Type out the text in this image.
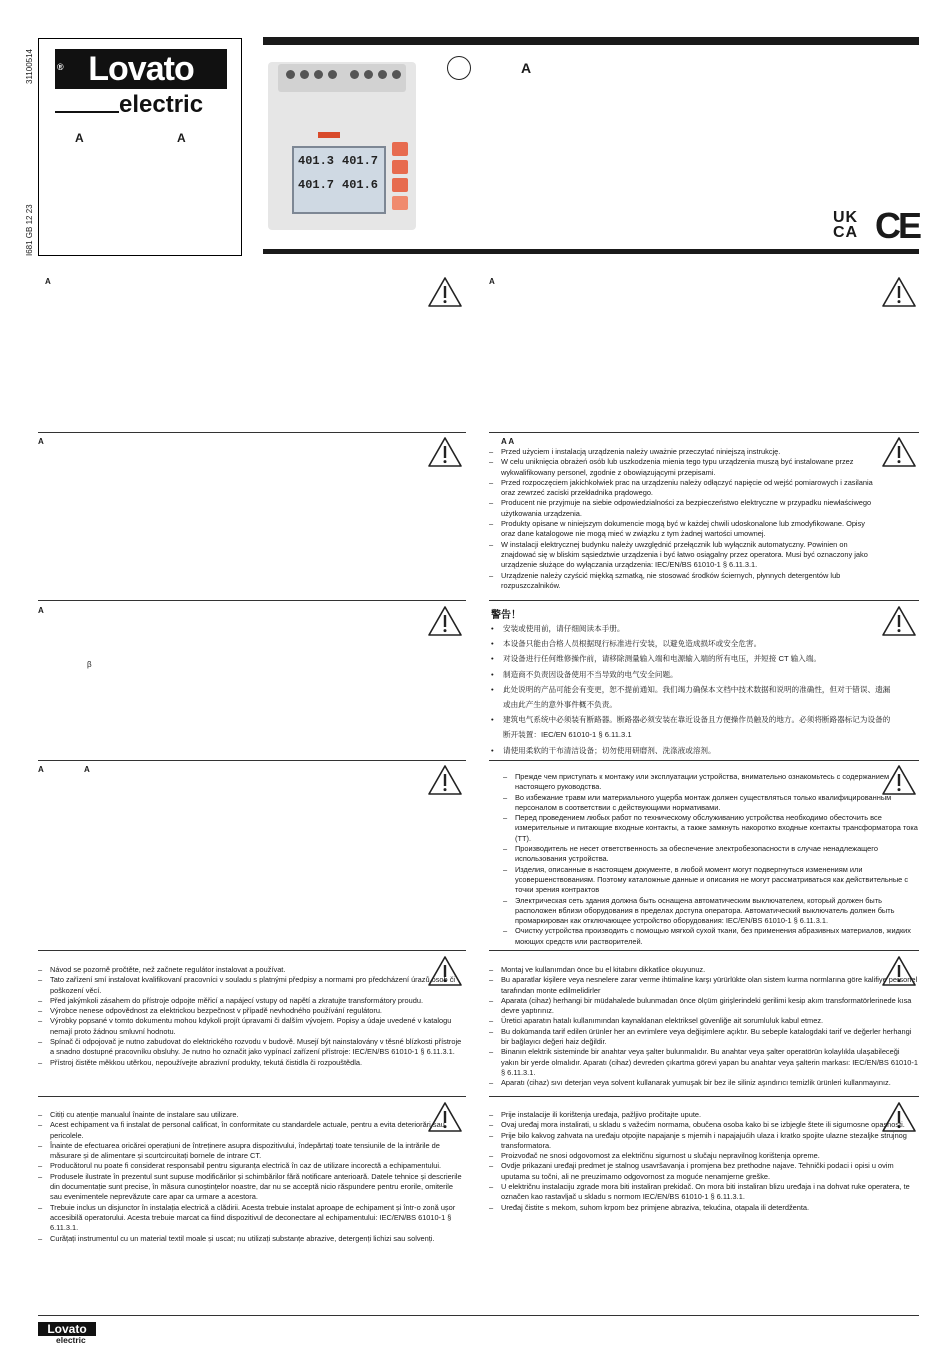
31100514
I681 GB 12 23
® Lovato
electric
A	A
401.3 401.7
401.7 401.6
A
UK
CA CE
A	A
A	A A
– Przed użyciem i instalacją urządzenia należy uważnie przeczytać niniejszą instrukcję.
– W celu uniknięcia obrażeń osób lub uszkodzenia mienia tego typu urządzenia muszą być instalowane przez wykwalifikowany personel, zgodnie z obowiązującymi przepisami.
– Przed rozpoczęciem jakichkolwiek prac na urządzeniu należy odłączyć napięcie od wejść pomiarowych i zasilania oraz zewrzeć zaciski przekładnika prądowego.
– Producent nie przyjmuje na siebie odpowiedzialności za bezpieczeństwo elektryczne w przypadku niewłaściwego użytkowania urządzenia.
– Produkty opisane w niniejszym dokumencie mogą być w każdej chwili udoskonalone lub zmodyfikowane. Opisy oraz dane katalogowe nie mogą mieć w związku z tym żadnej wartości umownej.
– W instalacji elektrycznej budynku należy uwzględnić przełącznik lub wyłącznik automatyczny. Powinien on znajdować się w bliskim sąsiedztwie urządzenia i być łatwo osiągalny przez operatora. Musi być oznaczony jako urządzenie służące do wyłączania urządzenia: IEC/EN/BS 61010-1 § 6.11.3.1.
– Urządzenie należy czyścić miękką szmatką, nie stosować środków ściernych, płynnych detergentów lub rozpuszczalników.
A
β
警告！
• 安装或使用前，请仔细阅读本手册。
• 本设备只能由合格人员根据现行标准进行安装，以避免造成损坏或安全危害。
• 对设备进行任何维修操作前，请移除测量输入端和电源输入端的所有电压，并短接 CT 输入端。
• 制造商不负责因设备使用不当导致的电气安全问题。
• 此处说明的产品可能会有变更，恕不提前通知。我们竭力确保本文档中技术数据和说明的准确性，但对于错误、遗漏或由此产生的意外事件概不负责。
• 建筑电气系统中必须装有断路器。断路器必须安装在靠近设备且方便操作员触及的地方。必须将断路器标记为设备的断开装置：IEC/EN 61010-1 § 6.11.3.1
• 请使用柔软的干布清洁设备；切勿使用研磨剂、洗涤液或溶剂。
A	A
– Прежде чем приступать к монтажу или эксплуатации устройства, внимательно ознакомьтесь с содержанием настоящего руководства.
– Во избежание травм или материального ущерба монтаж должен существляться только квалифицированным персоналом в соответствии с действующими нормативами.
– Перед проведением любых работ по техническому обслуживанию устройства необходимо обесточить все измерительные и питающие входные контакты, а также замкнуть накоротко входные контакты трансформатора тока (ТТ).
– Производитель не несет ответственность за обеспечение электробезопасности в случае ненадлежащего использования устройства.
– Изделия, описанные в настоящем документе, в любой момент могут подвергнуться изменениям или усовершенствованиям. Поэтому каталожные данные и описания не могут рассматриваться как действительные с точки зрения контрактов
– Электрическая сеть здания должна быть оснащена автоматическим выключателем, который должен быть расположен вблизи оборудования в пределах доступа оператора. Автоматический выключатель должен быть промаркирован как отключающее устройство оборудования: IEC/EN/BS 61010-1 § 6.11.3.1.
– Очистку устройства производить с помощью мягкой сухой ткани, без применения абразивных материалов, жидких моющих средств или растворителей.
– Návod se pozorně pročtěte, než začnete regulátor instalovat a používat.
– Tato zařízení smí instalovat kvalifikovaní pracovníci v souladu s platnými předpisy a normami pro předcházení úrazů osob či poškození věcí.
– Před jakýmkoli zásahem do přístroje odpojte měřicí a napájecí vstupy od napětí a zkratujte transformátory proudu.
– Výrobce nenese odpovědnost za elektrickou bezpečnost v případě nevhodného používání regulátoru.
– Výrobky popsané v tomto dokumentu mohou kdykoli projít úpravami či dalším vývojem. Popisy a údaje uvedené v katalogu nemají proto žádnou smluvní hodnotu.
– Spínač či odpojovač je nutno zabudovat do elektrického rozvodu v budově. Musejí být nainstalovány v těsné blízkosti přístroje a snadno dostupné pracovníku obsluhy. Je nutno ho označit jako vypínací zařízení přístroje: IEC/EN/BS 61010-1 § 6.11.3.1.
– Přístroj čistěte měkkou utěrkou, nepoužívejte abrazivní produkty, tekutá čistidla či rozpouštědla.
– Montaj ve kullanımdan önce bu el kitabını dikkatlice okuyunuz.
– Bu aparatlar kişilere veya nesnelere zarar verme ihtimaline karşı yürürlükte olan sistem kurma normlarına göre kalifiye personel tarafından monte edilmelidirler
– Aparata (cihaz) herhangi bir müdahalede bulunmadan önce ölçüm girişlerindeki gerilimi kesip akım transformatörlerinede kısa devre yaptırınız.
– Üretici aparatın hatalı kullanımından kaynaklanan elektriksel güvenliğe ait sorumluluk kabul etmez.
– Bu dokümanda tarif edilen ürünler her an evrimlere veya değişimlere açıktır. Bu sebeple katalogdaki tarif ve değerler herhangi bir bağlayıcı değeri haiz değildir.
– Binanın elektrik sisteminde bir anahtar veya şalter bulunmalıdır. Bu anahtar veya şalter operatörün kolaylıkla ulaşabileceği yakın bir yerde olmalıdır. Aparatı (cihaz) devreden çıkartma görevi yapan bu anahtar veya şalterin markası: IEC/EN/BS 61010-1 § 6.11.3.1.
– Aparatı (cihaz) sıvı deterjan veya solvent kullanarak yumuşak bir bez ile siliniz aşındırıcı temizlik ürünleri kullanmayınız.
– Citiți cu atenție manualul înainte de instalare sau utilizare.
– Acest echipament va fi instalat de personal calificat, în conformitate cu standardele actuale, pentru a evita deteriorări sau pericolele.
– Înainte de efectuarea oricărei operațiuni de întreținere asupra dispozitivului, îndepărtați toate tensiunile de la intrările de măsurare și de alimentare și scurtcircuitați bornele de intrare CT.
– Producătorul nu poate fi considerat responsabil pentru siguranța electrică în caz de utilizare incorectă a echipamentului.
– Produsele ilustrate în prezentul sunt supuse modificărilor și schimbărilor fără notificare anterioară. Datele tehnice și descrierile din documentație sunt precise, în măsura cunoștințelor noastre, dar nu se acceptă nicio răspundere pentru erorile, omiterile sau evenimentele neprevăzute care apar ca urmare a acestora.
– Trebuie inclus un disjunctor în instalația electrică a clădirii. Acesta trebuie instalat aproape de echipament și într-o zonă ușor accesibilă operatorului. Acesta trebuie marcat ca fiind dispozitivul de deconectare al echipamentului: IEC/EN/BS 61010-1 § 6.11.3.1.
– Curățați instrumentul cu un material textil moale și uscat; nu utilizați substanțe abrazive, detergenți lichizi sau solvenți.
– Prije instalacije ili korištenja uređaja, pažljivo pročitajte upute.
– Ovaj uređaj mora instalirati, u skladu s važećim normama, obučena osoba kako bi se izbjegle štete ili sigurnosne opasnosti.
– Prije bilo kakvog zahvata na uređaju otpojite napajanje s mjernih i napajajućih ulaza i kratko spojite ulazne stezaljke strujnog transformatora.
– Proizvođač ne snosi odgovornost za električnu sigurnost u slučaju nepravilnog korištenja opreme.
– Ovdje prikazani uređaji predmet je stalnog usavršavanja i promjena bez prethodne najave. Tehnički podaci i opisi u ovim uputama su točni, ali ne preuzimamo odgovornost za moguće nenamjerne greške.
– U električnu instalaciju zgrade mora biti instaliran prekidač. On mora biti instaliran blizu uređaja i na dohvat ruke operatera, te označen kao rastavljač u skladu s normom IEC/EN/BS 61010-1 § 6.11.3.1.
– Uređaj čistite s mekom, suhom krpom bez primjene abraziva, tekućina, otapala ili deterdženta.
Lovato
electric
